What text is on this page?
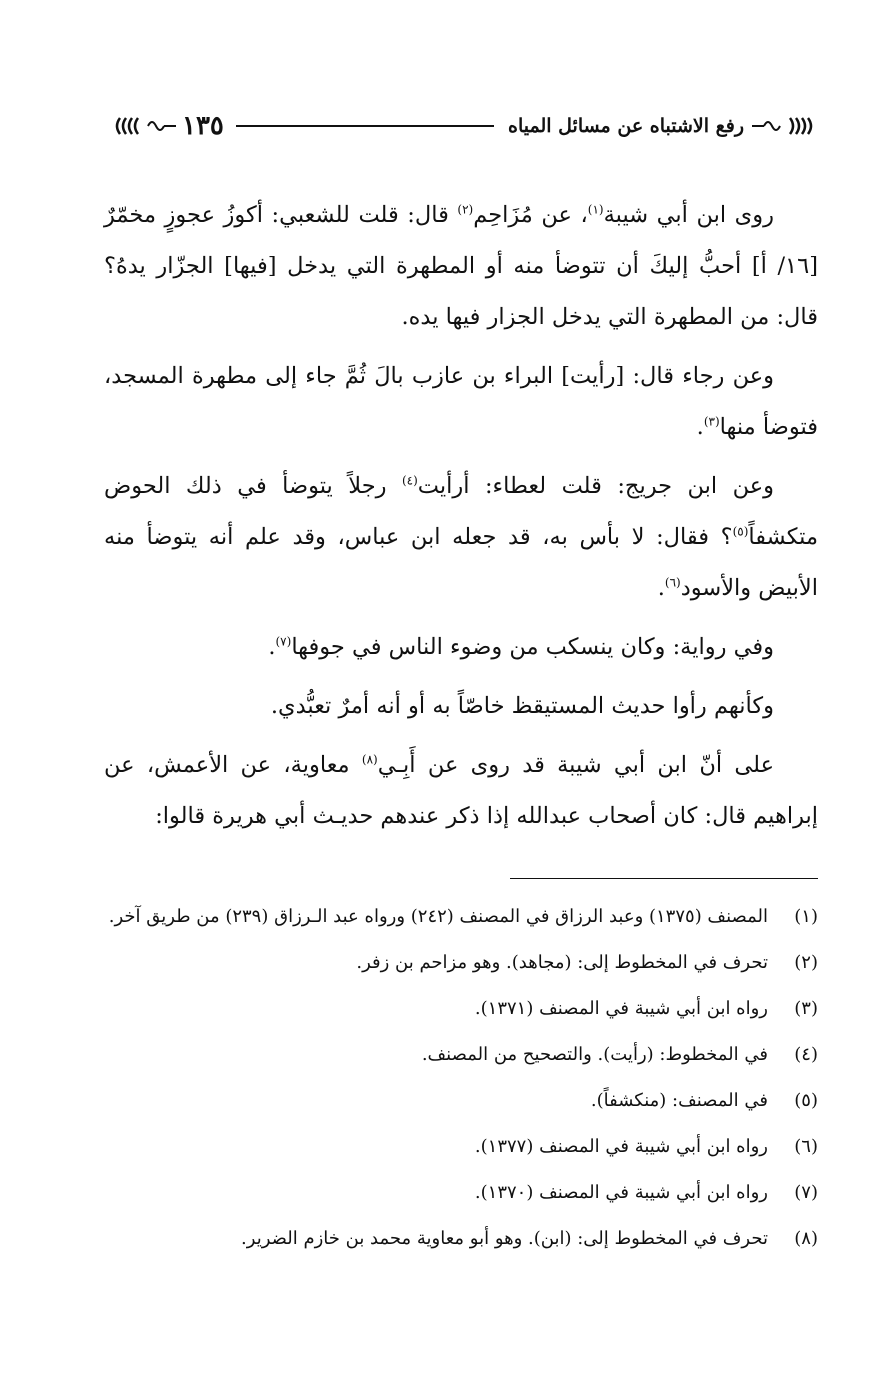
رفع الاشتباه عن مسائل المياه
١٣٥

روى ابن أبي شيبة$^{(١)}$، عن مُزَاحِم$^{(٢)}$ قال: قلت للشعبي: أكوزُ عجوزٍ مخمّرٌ [١٦/ أ] أحبُّ إليكَ أن تتوضأ منه أو المطهرة التي يدخل [فيها] الجزّار يدهُ؟ قال: من المطهرة التي يدخل الجزار فيها يده.

وعن رجاء قال: [رأيت] البراء بن عازب بالَ ثُمَّ جاء إلى مطهرة المسجد، فتوضأ منها$^{(٣)}$.

وعن ابن جريج: قلت لعطاء: أرأيت$^{(٤)}$ رجلاً يتوضأ في ذلك الحوض متكشفاً$^{(٥)}$؟ فقال: لا بأس به، قد جعله ابن عباس، وقد علم أنه يتوضأ منه الأبيض والأسود$^{(٦)}$.

وفي رواية: وكان ينسكب من وضوء الناس في جوفها$^{(٧)}$.

وكأنهم رأوا حديث المستيقظ خاصّاً به أو أنه أمرٌ تعبُّدي.

على أنّ ابن أبي شيبة قد روى عن أَبِـي$^{(٨)}$ معاوية، عن الأعمش، عن إبراهيم قال: كان أصحاب عبدالله إذا ذكر عندهم حديـث أبي هريرة قالوا:

(١)
المصنف (١٣٧٥) وعبد الرزاق في المصنف (٢٤٢) ورواه عبد الـرزاق (٢٣٩) من طريق آخر.
(٢)
تحرف في المخطوط إلى: (مجاهد). وهو مزاحم بن زفر.
(٣)
رواه ابن أبي شيبة في المصنف (١٣٧١).
(٤)
في المخطوط: (رأيت). والتصحيح من المصنف.
(٥)
في المصنف: (منكشفاً).
(٦)
رواه ابن أبي شيبة في المصنف (١٣٧٧).
(٧)
رواه ابن أبي شيبة في المصنف (١٣٧٠).
(٨)
تحرف في المخطوط إلى: (ابن). وهو أبو معاوية محمد بن خازم الضرير.
